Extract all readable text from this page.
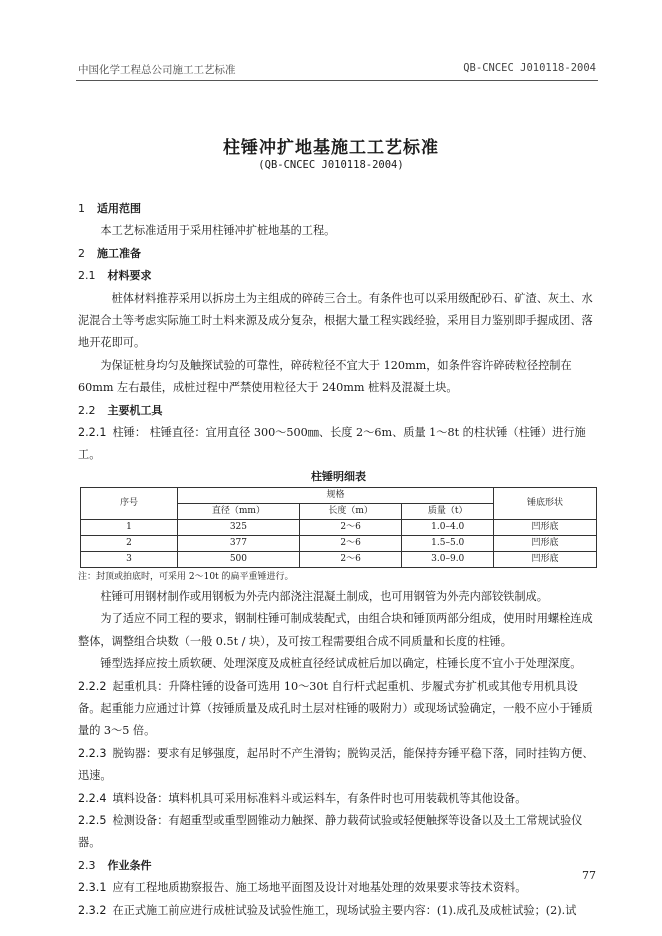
中国化学工程总公司施工工艺标准	QB-CNCEC J010118-2004
柱锤冲扩地基施工工艺标准
(QB-CNCEC J010118-2004)
1 适用范围

本工艺标准适用于采用柱锤冲扩桩地基的工程。

2 施工准备
2.1 材料要求

桩体材料推荐采用以拆房土为主组成的碎砖三合土。有条件也可以采用级配砂石、矿渣、灰土、水泥混合土等考虑实际施工时土料来源及成分复杂，根据大量工程实践经验，采用目力鉴别即手握成团、落地开花即可。

为保证桩身均匀及触探试验的可靠性，碎砖粒径不宜大于 120mm，如条件容许碎砖粒径控制在60mm 左右最佳，成桩过程中严禁使用粒径大于 240mm 桩料及混凝土块。

2.2 主要机工具

2.2.1 柱锤： 柱锤直径：宜用直径 300～500㎜、长度 2～6m、质量 1～8t 的柱状锤（柱锤）进行施工。

柱锤明细表

序号	规格			锤底形状
	直径（mm）	长度（m）	质量（t）	
1	325	2～6	1.0–4.0	凹形底
2	377	2～6	1.5–5.0	凹形底
3	500	2～6	3.0–9.0	凹形底

注：封顶或拍底时，可采用 2～10t 的扁平重锤进行。

柱锤可用钢材制作或用钢板为外壳内部浇注混凝土制成，也可用钢管为外壳内部铰铁制成。

为了适应不同工程的要求，钢制柱锤可制成装配式，由组合块和锤顶两部分组成，使用时用螺栓连成整体，调整组合块数（一般 0.5t / 块），及可按工程需要组合成不同质量和长度的柱锤。

锤型选择应按土质软硬、处理深度及成桩直径经试成桩后加以确定，柱锤长度不宜小于处理深度。

2.2.2 起重机具：升降柱锤的设备可选用 10～30t 自行杆式起重机、步履式夯扩机或其他专用机具设备。起重能力应通过计算（按锤质量及成孔时土层对柱锤的吸附力）或现场试验确定，一般不应小于锤质量的 3～5 倍。

2.2.3 脱钩器：要求有足够强度，起吊时不产生滑钩；脱钩灵活，能保持夯锤平稳下落，同时挂钩方便、迅速。

2.2.4 填料设备：填料机具可采用标准料斗或运料车，有条件时也可用装载机等其他设备。

2.2.5 检测设备：有超重型或重型圆锥动力触探、静力载荷试验或轻便触探等设备以及土工常规试验仪器。

2.3 作业条件

2.3.1 应有工程地质勘察报告、施工场地平面图及设计对地基处理的效果要求等技术资料。

2.3.2 在正式施工前应进行成桩试验及试验性施工，现场试验主要内容：(1).成孔及成桩试验；(2).试

77
